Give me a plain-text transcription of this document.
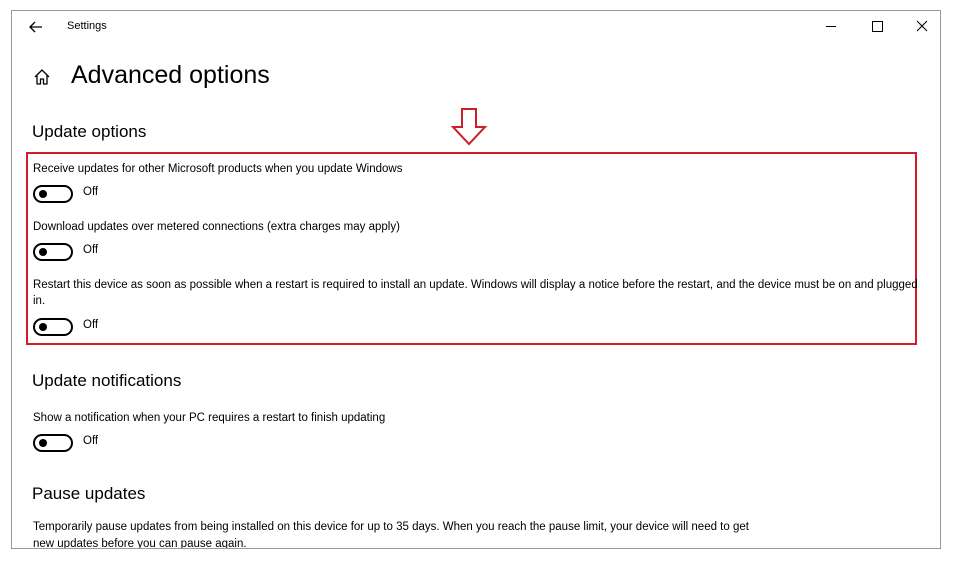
Settings
Advanced options
Update options
Receive updates for other Microsoft products when you update Windows
Off
Download updates over metered connections (extra charges may apply)
Off
Restart this device as soon as possible when a restart is required to install an update. Windows will display a notice before the restart, and the device must be on and plugged in.
Off
Update notifications
Show a notification when your PC requires a restart to finish updating
Off
Pause updates
Temporarily pause updates from being installed on this device for up to 35 days. When you reach the pause limit, your device will need to get new updates before you can pause again.
